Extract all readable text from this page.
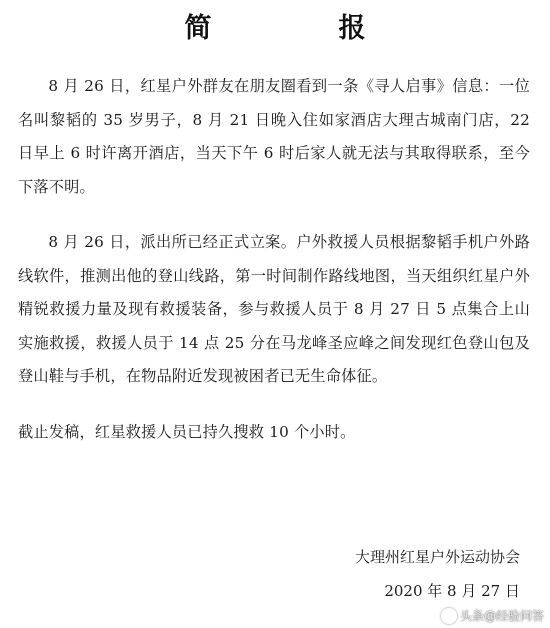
简　报

8 月 26 日，红星户外群友在朋友圈看到一条《寻人启事》信息：一位名叫黎韬的 35 岁男子，8 月 21 日晚入住如家酒店大理古城南门店，22 日早上 6 时许离开酒店，当天下午 6 时后家人就无法与其取得联系，至今下落不明。

8 月 26 日，派出所已经正式立案。户外救援人员根据黎韬手机户外路线软件，推测出他的登山线路，第一时间制作路线地图，当天组织红星户外精锐救援力量及现有救援装备，参与救援人员于 8 月 27 日 5 点集合上山实施救援，救援人员于 14 点 25 分在马龙峰圣应峰之间发现红色登山包及登山鞋与手机，在物品附近发现被困者已无生命体征。

截止发稿，红星救援人员已持久搜救 10 个小时。

大理州红星户外运动协会
2020 年 8 月 27 日
头条@经验问答
